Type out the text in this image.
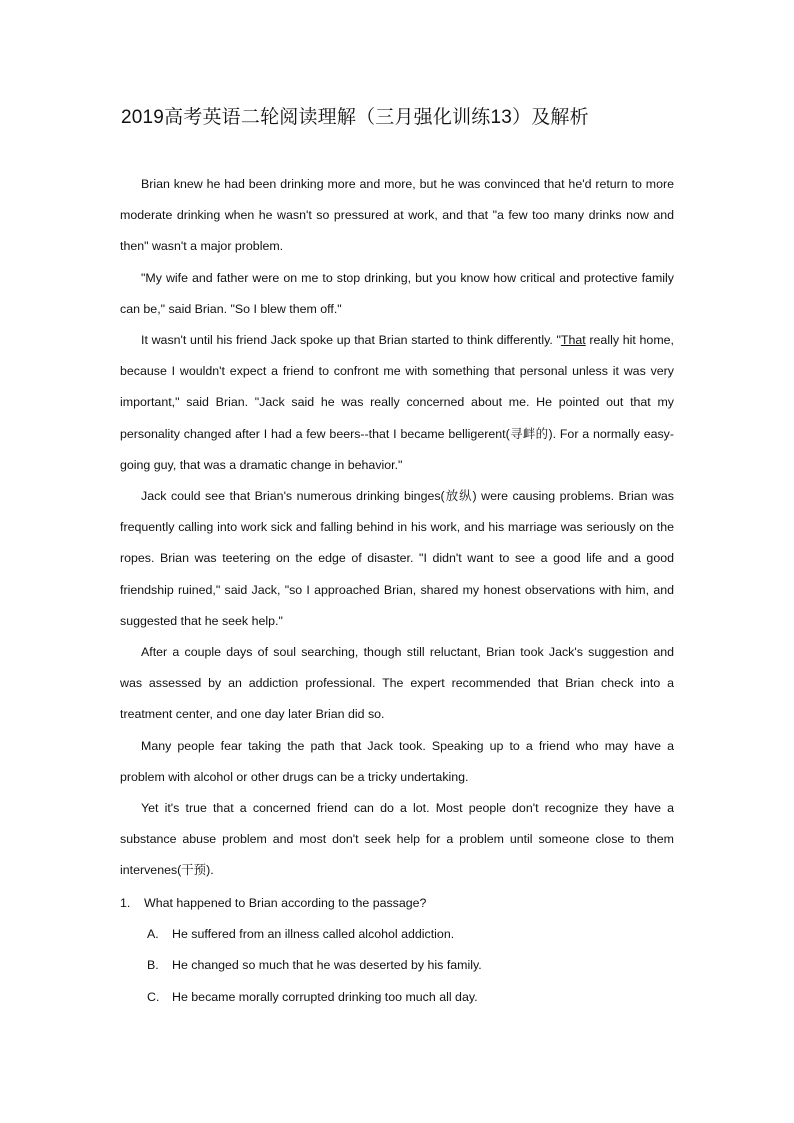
2019高考英语二轮阅读理解（三月强化训练13）及解析

Brian knew he had been drinking more and more, but he was convinced that he'd return to more moderate drinking when he wasn't so pressured at work, and that "a few too many drinks now and then" wasn't a major problem.

"My wife and father were on me to stop drinking, but you know how critical and protective family can be," said Brian. "So I blew them off."

It wasn't until his friend Jack spoke up that Brian started to think differently. "That really hit home, because I wouldn't expect a friend to confront me with something that personal unless it was very important," said Brian. "Jack said he was really concerned about me. He pointed out that my personality changed after I had a few beers--that I became belligerent(寻衅的). For a normally easy-going guy, that was a dramatic change in behavior."

Jack could see that Brian's numerous drinking binges(放纵) were causing problems. Brian was frequently calling into work sick and falling behind in his work, and his marriage was seriously on the ropes. Brian was teetering on the edge of disaster. "I didn't want to see a good life and a good friendship ruined," said Jack, "so I approached Brian, shared my honest observations with him, and suggested that he seek help."

After a couple days of soul searching, though still reluctant, Brian took Jack's suggestion and was assessed by an addiction professional. The expert recommended that Brian check into a treatment center, and one day later Brian did so.

Many people fear taking the path that Jack took. Speaking up to a friend who may have a problem with alcohol or other drugs can be a tricky undertaking.

Yet it's true that a concerned friend can do a lot. Most people don't recognize they have a substance abuse problem and most don't seek help for a problem until someone close to them intervenes(干预).

1.	What happened to Brian according to the passage?
A.	He suffered from an illness called alcohol addiction.
B.	He changed so much that he was deserted by his family.
C.	He became morally corrupted drinking too much all day.
